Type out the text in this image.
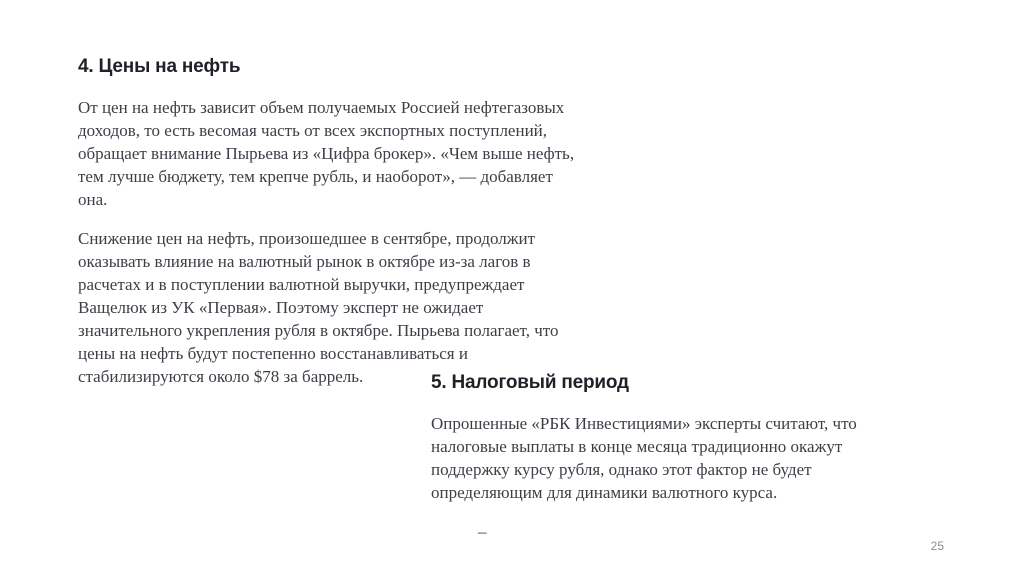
4. Цены на нефть

От цен на нефть зависит объем получаемых Россией нефтегазовых доходов, то есть весомая часть от всех экспортных поступлений, обращает внимание Пырьева из «Цифра брокер». «Чем выше нефть, тем лучше бюджету, тем крепче рубль, и наоборот», — добавляет она.

Снижение цен на нефть, произошедшее в сентябре, продолжит оказывать влияние на валютный рынок в октябре из-за лагов в расчетах и в поступлении валютной выручки, предупреждает Ващелюк из УК «Первая». Поэтому эксперт не ожидает значительного укрепления рубля в октябре. Пырьева полагает, что цены на нефть будут постепенно восстанавливаться и стабилизируются около $78 за баррель.	5. Налоговый период

Опрошенные «РБК Инвестициями» эксперты считают, что налоговые выплаты в конце месяца традиционно окажут поддержку курсу рубля, однако этот фактор не будет определяющим для динамики валютного курса.

–

25
